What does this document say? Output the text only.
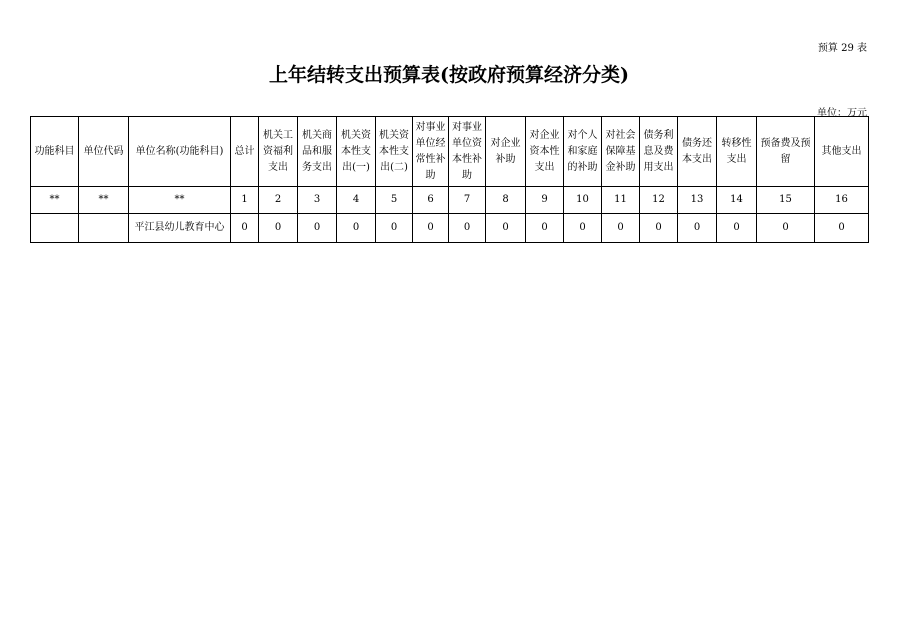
预算 29 表
上年结转支出预算表(按政府预算经济分类)
单位：万元
功能科目	单位代码	单位名称(功能科目)	总计	机关工资福利支出	机关商品和服务支出	机关资本性支出(一)	机关资本性支出(二)	对事业单位经常性补助	对事业单位资本性补助	对企业补助	对企业资本性支出	对个人和家庭的补助	对社会保障基金补助	债务利息及费用支出	债务还本支出	转移性支出	预备费及预留	其他支出

**	**	**	1	2	3	4	5	6	7	8	9	10	11	12	13	14	15	16
		平江县幼儿教育中心	0	0	0	0	0	0	0	0	0	0	0	0	0	0	0	0
